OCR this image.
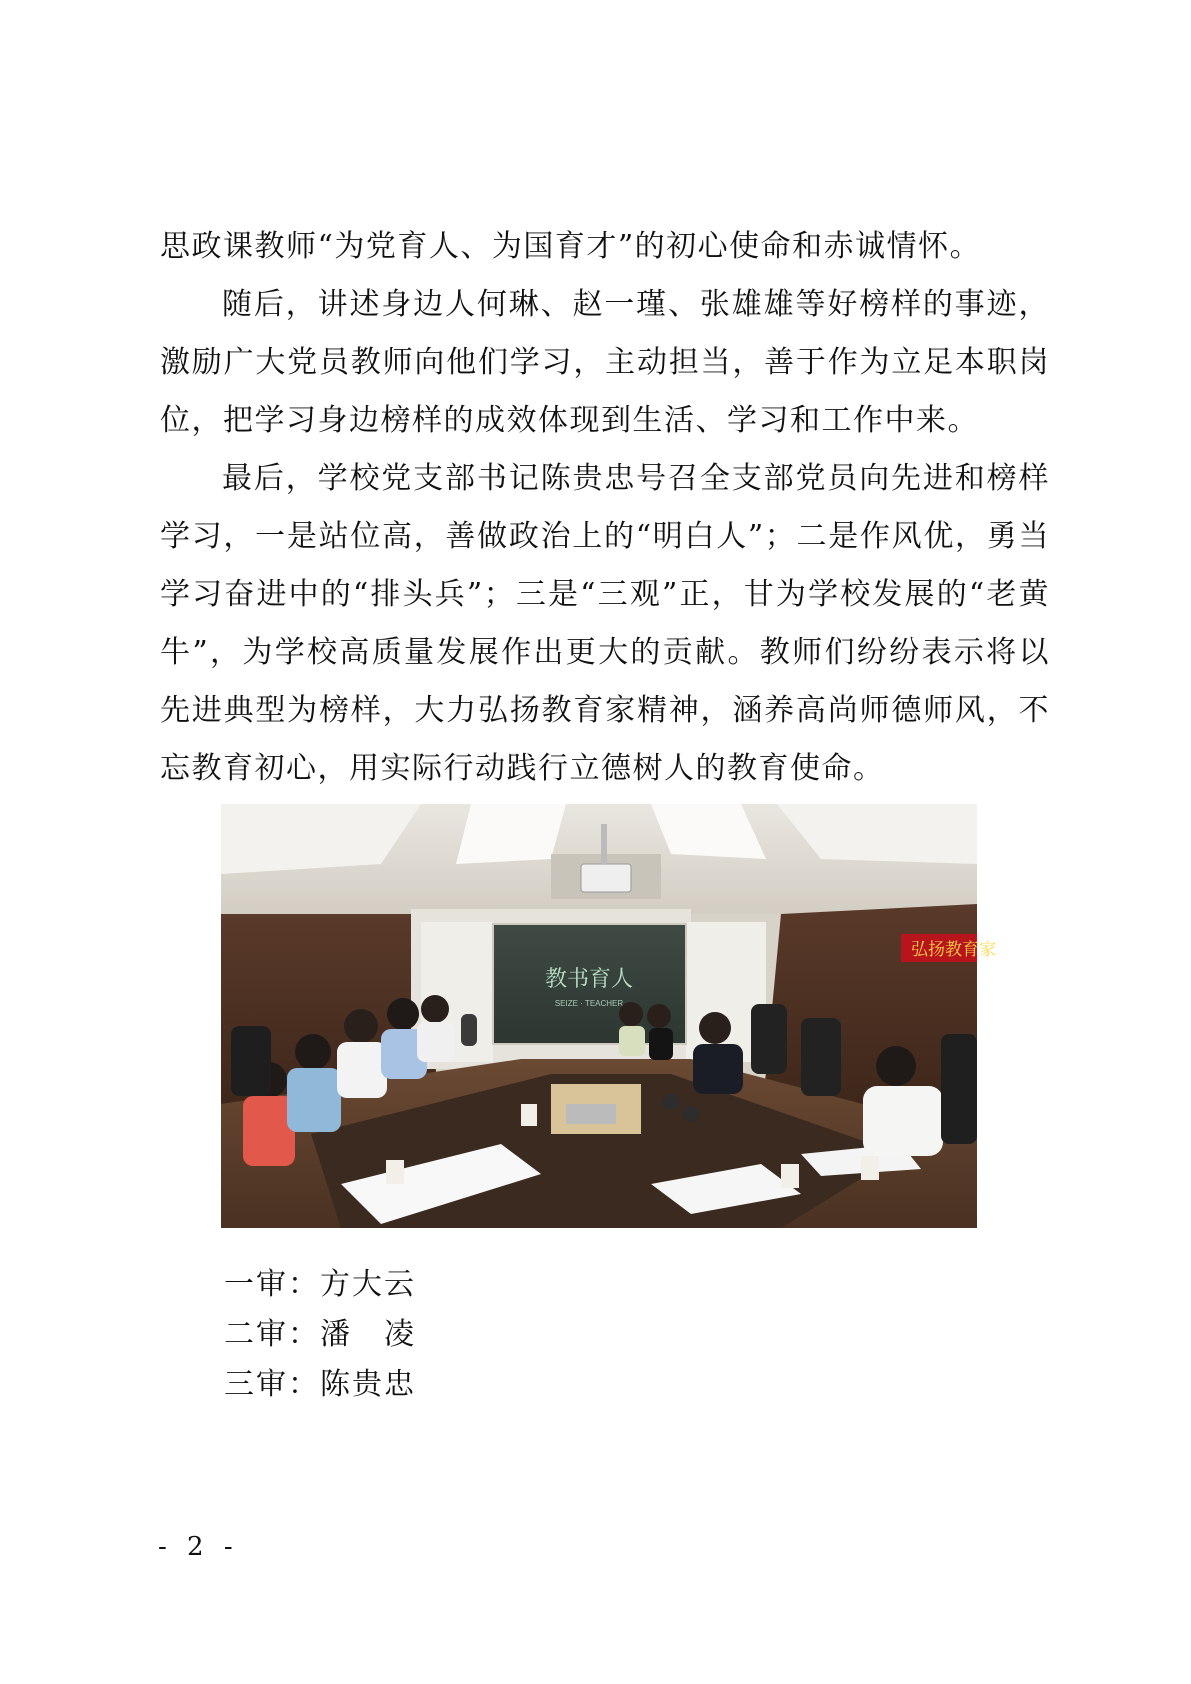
思政课教师“为党育人、为国育才”的初心使命和赤诚情怀。

随后，讲述身边人何琳、赵一瑾、张雄雄等好榜样的事迹，激励广大党员教师向他们学习，主动担当，善于作为立足本职岗位，把学习身边榜样的成效体现到生活、学习和工作中来。

最后，学校党支部书记陈贵忠号召全支部党员向先进和榜样学习，一是站位高，善做政治上的“明白人”；二是作风优，勇当学习奋进中的“排头兵”；三是“三观”正，甘为学校发展的“老黄牛”，为学校高质量发展作出更大的贡献。教师们纷纷表示将以先进典型为榜样，大力弘扬教育家精神，涵养高尚师德师风，不忘教育初心，用实际行动践行立德树人的教育使命。

弘扬教育家
教书育人
SEIZE · TEACHER
一审：方大云
二审：潘　凌
三审：陈贵忠
- 2 -
